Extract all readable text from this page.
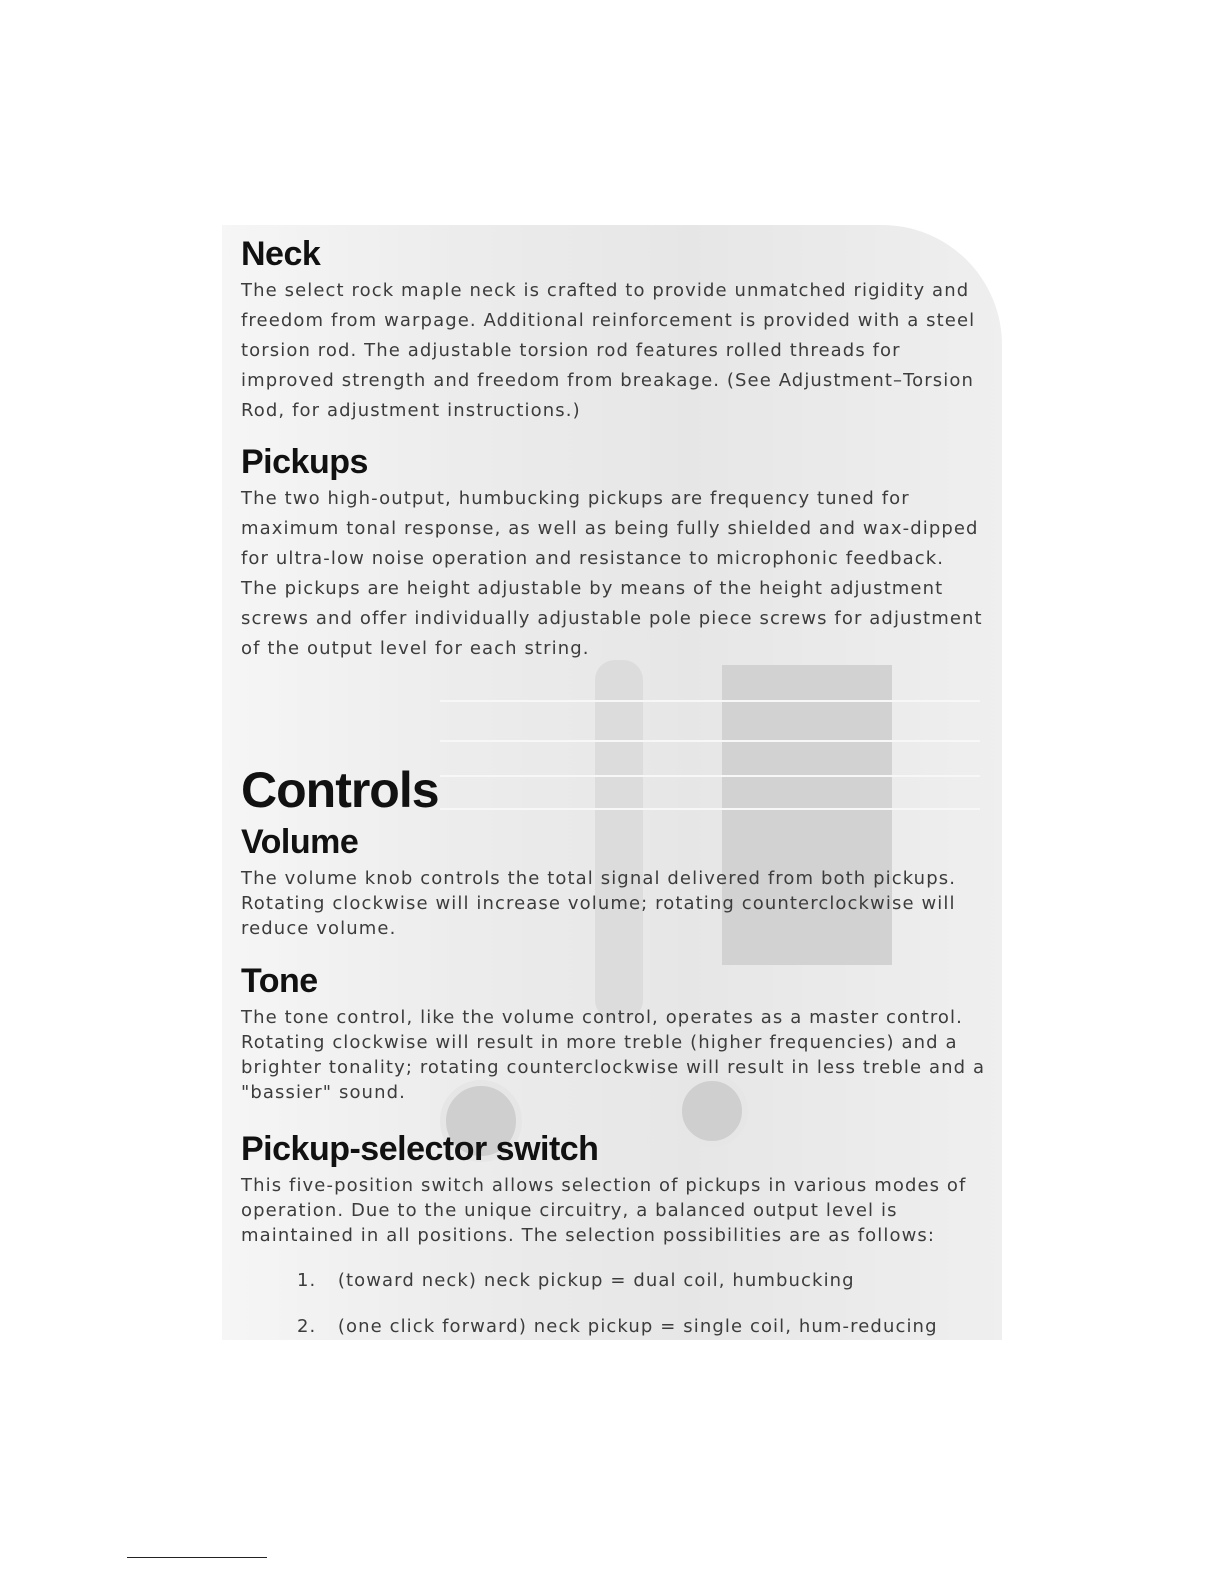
Neck

The select rock maple neck is crafted to provide unmatched rigidity and freedom from warpage. Additional reinforcement is provided with a steel torsion rod. The adjustable torsion rod features rolled threads for improved strength and freedom from breakage. (See Adjustment–Torsion Rod, for adjustment instructions.)

Pickups

The two high-output, humbucking pickups are frequency tuned for maximum tonal response, as well as being fully shielded and wax-dipped for ultra-low noise operation and resistance to microphonic feedback. The pickups are height adjustable by means of the height adjustment screws and offer individually adjustable pole piece screws for adjustment of the output level for each string.

Controls
Volume

The volume knob controls the total signal delivered from both pickups. Rotating clockwise will increase volume; rotating counterclockwise will reduce volume.

Tone

The tone control, like the volume control, operates as a master control. Rotating clockwise will result in more treble (higher frequencies) and a brighter tonality; rotating counterclockwise will result in less treble and a "bassier" sound.

Pickup-selector switch

This five-position switch allows selection of pickups in various modes of operation. Due to the unique circuitry, a balanced output level is maintained in all positions. The selection possibilities are as follows:

1. (toward neck) neck pickup = dual coil, humbucking
2. (one click forward) neck pickup = single coil, hum-reducing
